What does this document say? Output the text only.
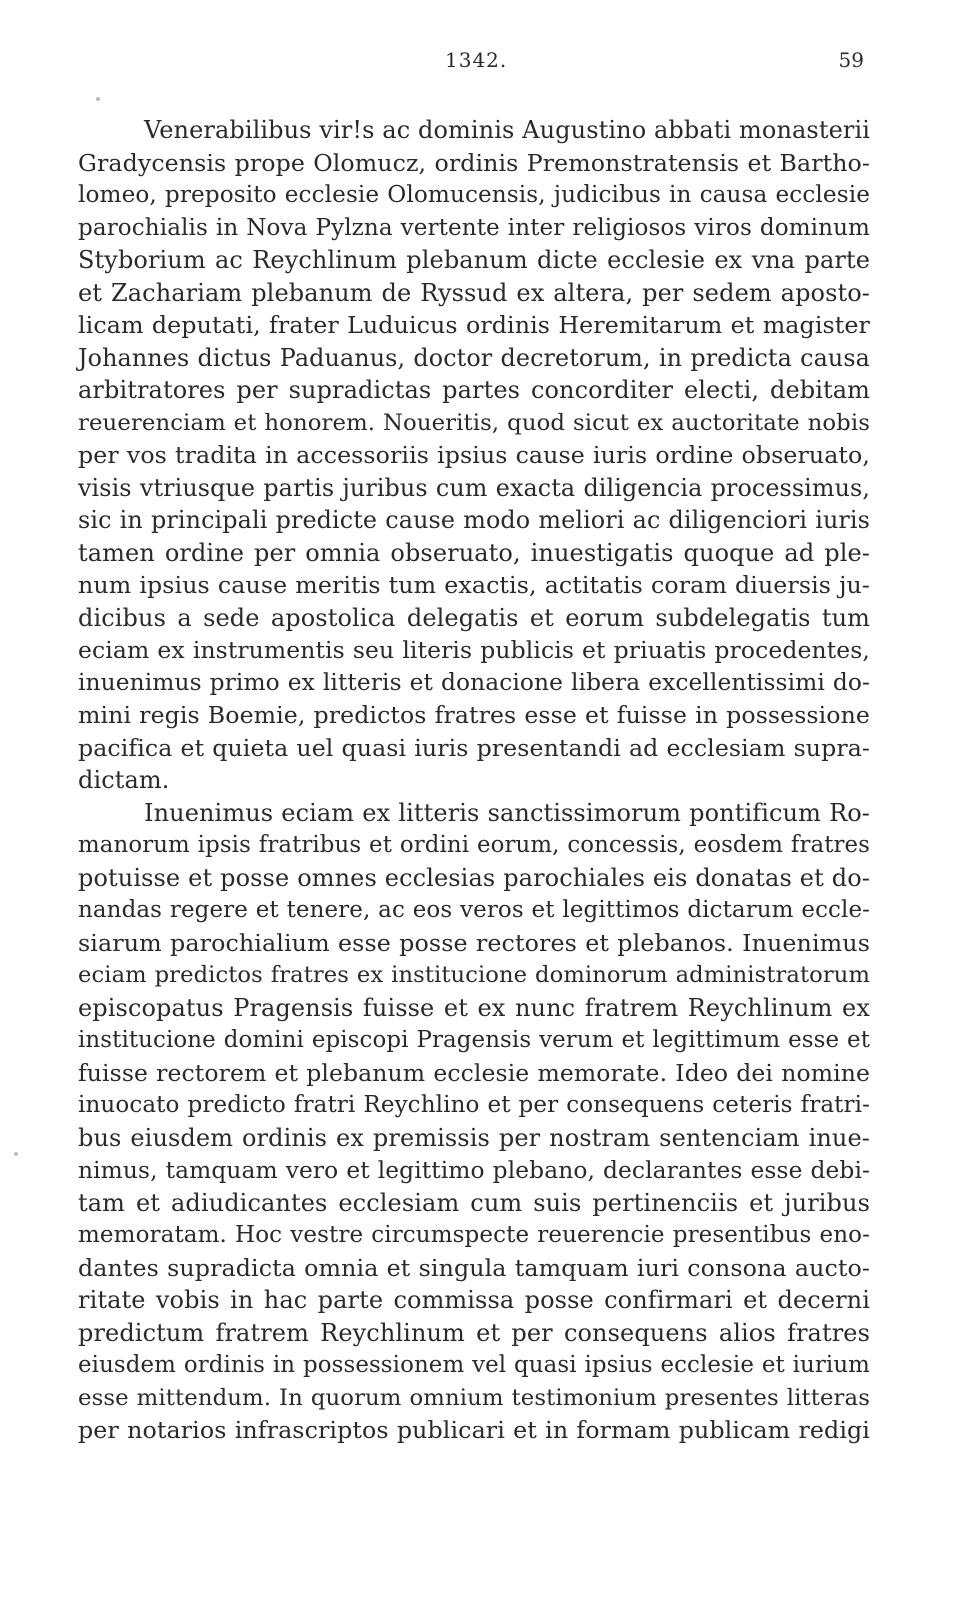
1342.	59
Venerabilibus vir!s ac dominis Augustino abbati monasterii
Gradycensis prope Olomucz, ordinis Premonstratensis et Bartho-
lomeo, preposito ecclesie Olomucensis, judicibus in causa ecclesie
parochialis in Nova Pylzna vertente inter religiosos viros dominum
Styborium ac Reychlinum plebanum dicte ecclesie ex vna parte
et Zachariam plebanum de Ryssud ex altera, per sedem aposto-
licam deputati, frater Luduicus ordinis Heremitarum et magister
Johannes dictus Paduanus, doctor decretorum, in predicta causa
arbitratores per supradictas partes concorditer electi, debitam
reuerenciam et honorem. Noueritis, quod sicut ex auctoritate nobis
per vos tradita in accessoriis ipsius cause iuris ordine obseruato,
visis vtriusque partis juribus cum exacta diligencia processimus,
sic in principali predicte cause modo meliori ac diligenciori iuris
tamen ordine per omnia obseruato, inuestigatis quoque ad ple-
num ipsius cause meritis tum exactis, actitatis coram diuersis ju-
dicibus a sede apostolica delegatis et eorum subdelegatis tum
eciam ex instrumentis seu literis publicis et priuatis procedentes,
inuenimus primo ex litteris et donacione libera excellentissimi do-
mini regis Boemie, predictos fratres esse et fuisse in possessione
pacifica et quieta uel quasi iuris presentandi ad ecclesiam supra-
dictam.
Inuenimus eciam ex litteris sanctissimorum pontificum Ro-
manorum ipsis fratribus et ordini eorum, concessis, eosdem fratres
potuisse et posse omnes ecclesias parochiales eis donatas et do-
nandas regere et tenere, ac eos veros et legittimos dictarum eccle-
siarum parochialium esse posse rectores et plebanos. Inuenimus
eciam predictos fratres ex institucione dominorum administratorum
episcopatus Pragensis fuisse et ex nunc fratrem Reychlinum ex
institucione domini episcopi Pragensis verum et legittimum esse et
fuisse rectorem et plebanum ecclesie memorate. Ideo dei nomine
inuocato predicto fratri Reychlino et per consequens ceteris fratri-
bus eiusdem ordinis ex premissis per nostram sentenciam inue-
nimus, tamquam vero et legittimo plebano, declarantes esse debi-
tam et adiudicantes ecclesiam cum suis pertinenciis et juribus
memoratam. Hoc vestre circumspecte reuerencie presentibus eno-
dantes supradicta omnia et singula tamquam iuri consona aucto-
ritate vobis in hac parte commissa posse confirmari et decerni
predictum fratrem Reychlinum et per consequens alios fratres
eiusdem ordinis in possessionem vel quasi ipsius ecclesie et iurium
esse mittendum. In quorum omnium testimonium presentes litteras
per notarios infrascriptos publicari et in formam publicam redigi
